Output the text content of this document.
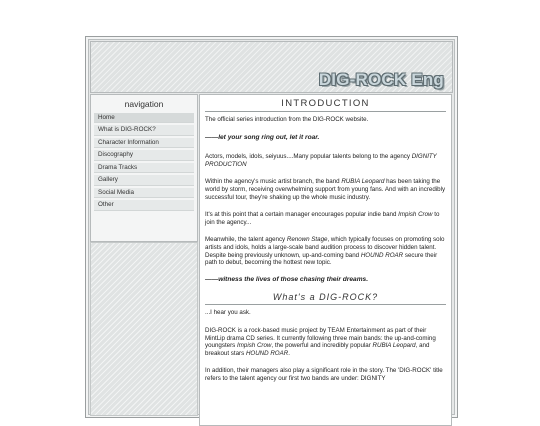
DIG-ROCK Eng
navigation
Home
What is DIG-ROCK?
Character Information
Discography
Drama Tracks
Gallery
Social Media
Other
INTRODUCTION

The official series introduction from the DIG-ROCK website.

——let your song ring out, let it roar.

Actors, models, idols, seiyuus....Many popular talents belong to the agency DIGNITY PRODUCTION

Within the agency's music artist branch, the band RUBIA Leopard has been taking the world by storm, receiving overwhelming support from young fans. And with an incredibly successful tour, they're shaking up the whole music industry.

It's at this point that a certain manager encourages popular indie band Impish Crow to join the agency...

Meanwhile, the talent agency Renown Stage, which typically focuses on promoting solo artists and idols, holds a large-scale band audition process to discover hidden talent. Despite being previously unknown, up-and-coming band HOUND ROAR secure their path to debut, becoming the hottest new topic.

——witness the lives of those chasing their dreams.

What's a DIG-ROCK?

...I hear you ask.

DIG-ROCK is a rock-based music project by TEAM Entertainment as part of their MintLip drama CD series. It currently following three main bands: the up-and-coming youngsters Impish Crow, the powerful and incredibly popular RUBIA Leopard, and breakout stars HOUND ROAR.

In addition, their managers also play a significant role in the story. The 'DIG-ROCK' title refers to the talent agency our first two bands are under: DIGNITY
